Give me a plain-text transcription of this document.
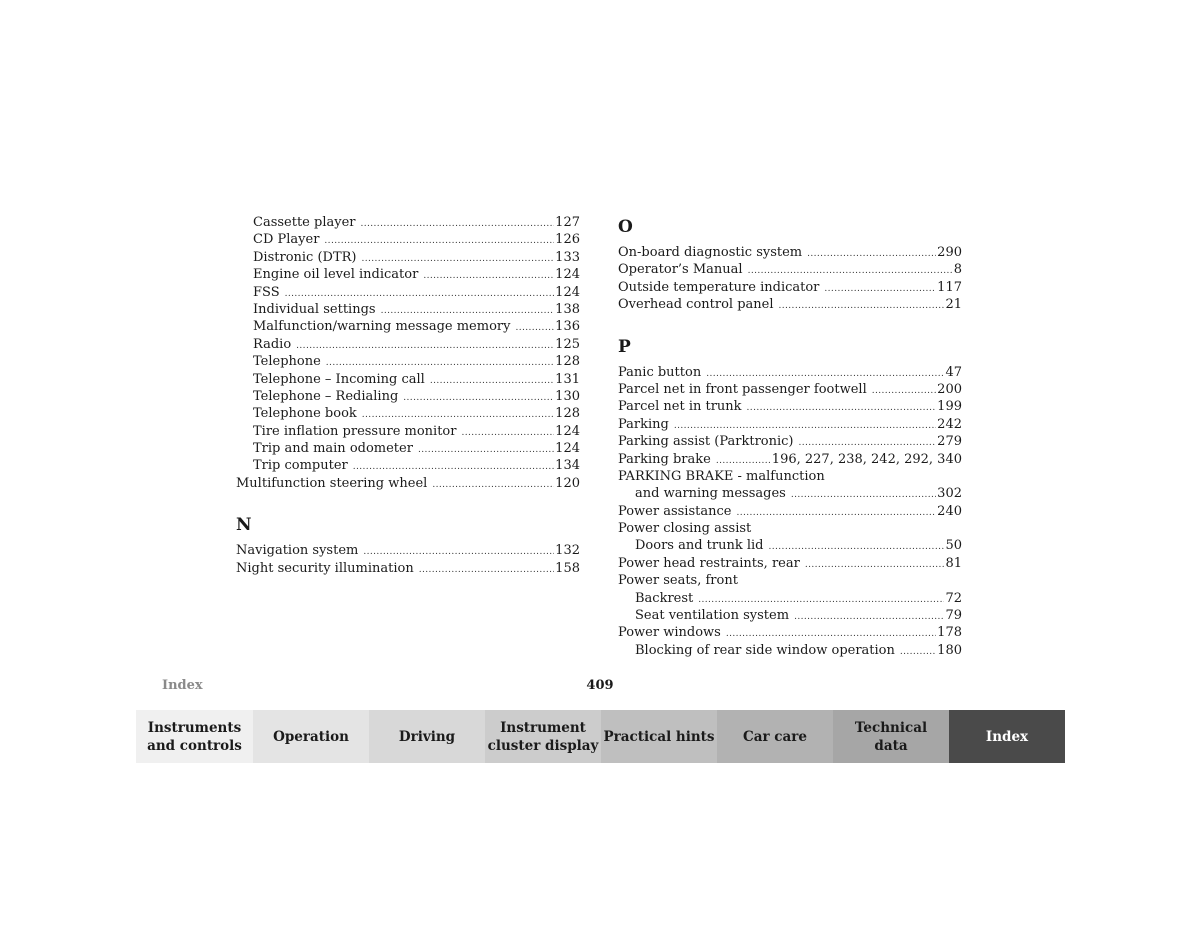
Cassette player .....	127
CD Player .....	126
Distronic (DTR) .....	133
Engine oil level indicator .....	124
FSS .....	124
Individual settings .....	138
Malfunction/warning message memory .....	136
Radio .....	125
Telephone .....	128
Telephone – Incoming call .....	131
Telephone – Redialing .....	130
Telephone book .....	128
Tire inflation pressure monitor .....	124
Trip and main odometer .....	124
Trip computer .....	134
Multifunction steering wheel .....	120
N
Navigation system .....	132
Night security illumination .....	158
O
On-board diagnostic system .....	290
Operator’s Manual .....	8
Outside temperature indicator .....	117
Overhead control panel .....	21
P
Panic button .....	47
Parcel net in front passenger footwell .....	200
Parcel net in trunk .....	199
Parking .....	242
Parking assist (Parktronic) .....	279
Parking brake .....	196, 227, 238, 242, 292, 340
PARKING BRAKE - malfunction
and warning messages .....	302
Power assistance .....	240
Power closing assist
Doors and trunk lid .....	50
Power head restraints, rear .....	81
Power seats, front
Backrest .....	72
Seat ventilation system .....	79
Power windows .....	178
Blocking of rear side window operation .....	180
Index	409
Instruments
and controls
Operation	Driving
Instrument
cluster display
Practical hints	Car care
Technical
data
Index
